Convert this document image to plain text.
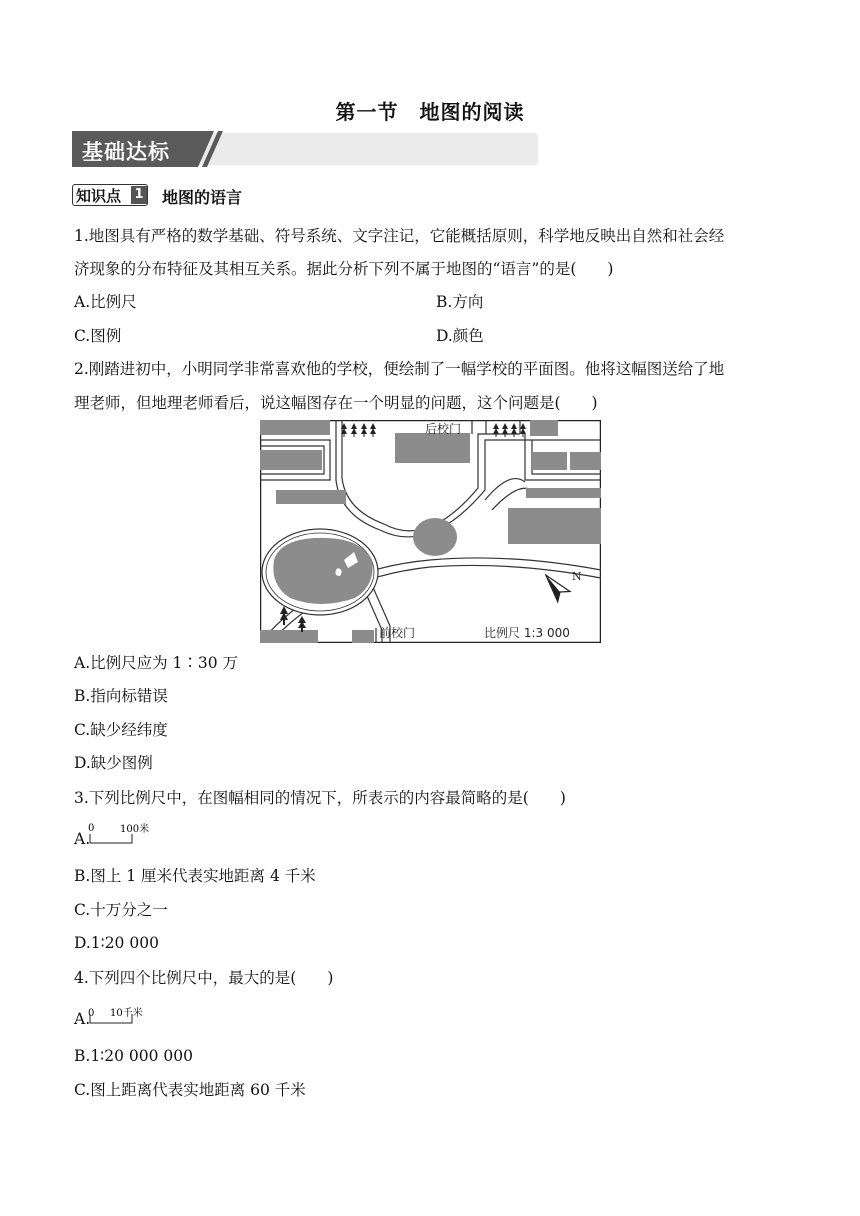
第一节　地图的阅读
基础达标
知识点 1 地图的语言
1.地图具有严格的数学基础、符号系统、文字注记，它能概括原则，科学地反映出自然和社会经
济现象的分布特征及其相互关系。据此分析下列不属于地图的“语言”的是(　　)
A.比例尺	B.方向
C.图例	D.颜色
2.刚踏进初中，小明同学非常喜欢他的学校，便绘制了一幅学校的平面图。他将这幅图送给了地
理老师，但地理老师看后，说这幅图存在一个明显的问题，这个问题是(　　)
N
后校门
前校门	比例尺 1:3 000
A.比例尺应为 1∶30 万
B.指向标错误
C.缺少经纬度
D.缺少图例
3.下列比例尺中，在图幅相同的情况下，所表示的内容最简略的是(　　)
A.
0	100米
B.图上 1 厘米代表实地距离 4 千米
C.十万分之一
D.1∶20 000
4.下列四个比例尺中，最大的是(　　)
A.
0 10千米
B.1∶20 000 000
C.图上距离代表实地距离 60 千米
